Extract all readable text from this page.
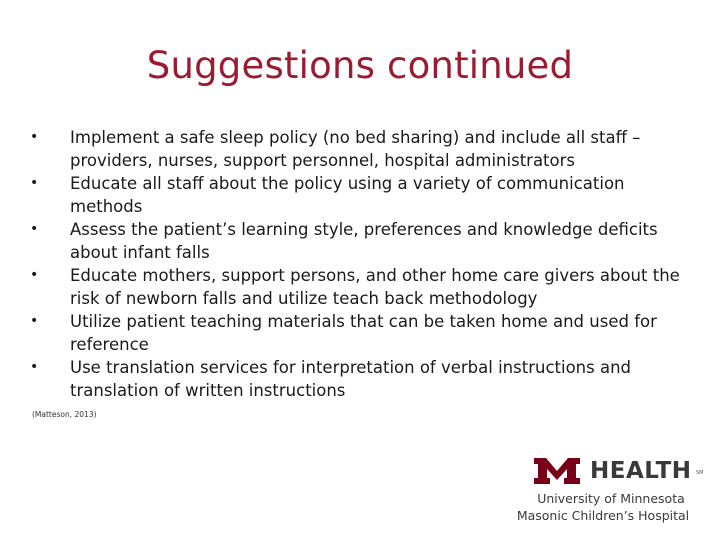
Suggestions continued
• Implement a safe sleep policy (no bed sharing) and include all staff – providers, nurses, support personnel, hospital administrators
• Educate all staff about the policy using a variety of communication methods
• Assess the patient’s learning style, preferences and knowledge deficits about infant falls
• Educate mothers, support persons, and other home care givers about the risk of newborn falls and utilize teach back methodology
• Utilize patient teaching materials that can be taken home and used for reference
• Use translation services for interpretation of verbal instructions and translation of written instructions
(Matteson, 2013)
HEALTH SM
University of Minnesota
Masonic Children’s Hospital
